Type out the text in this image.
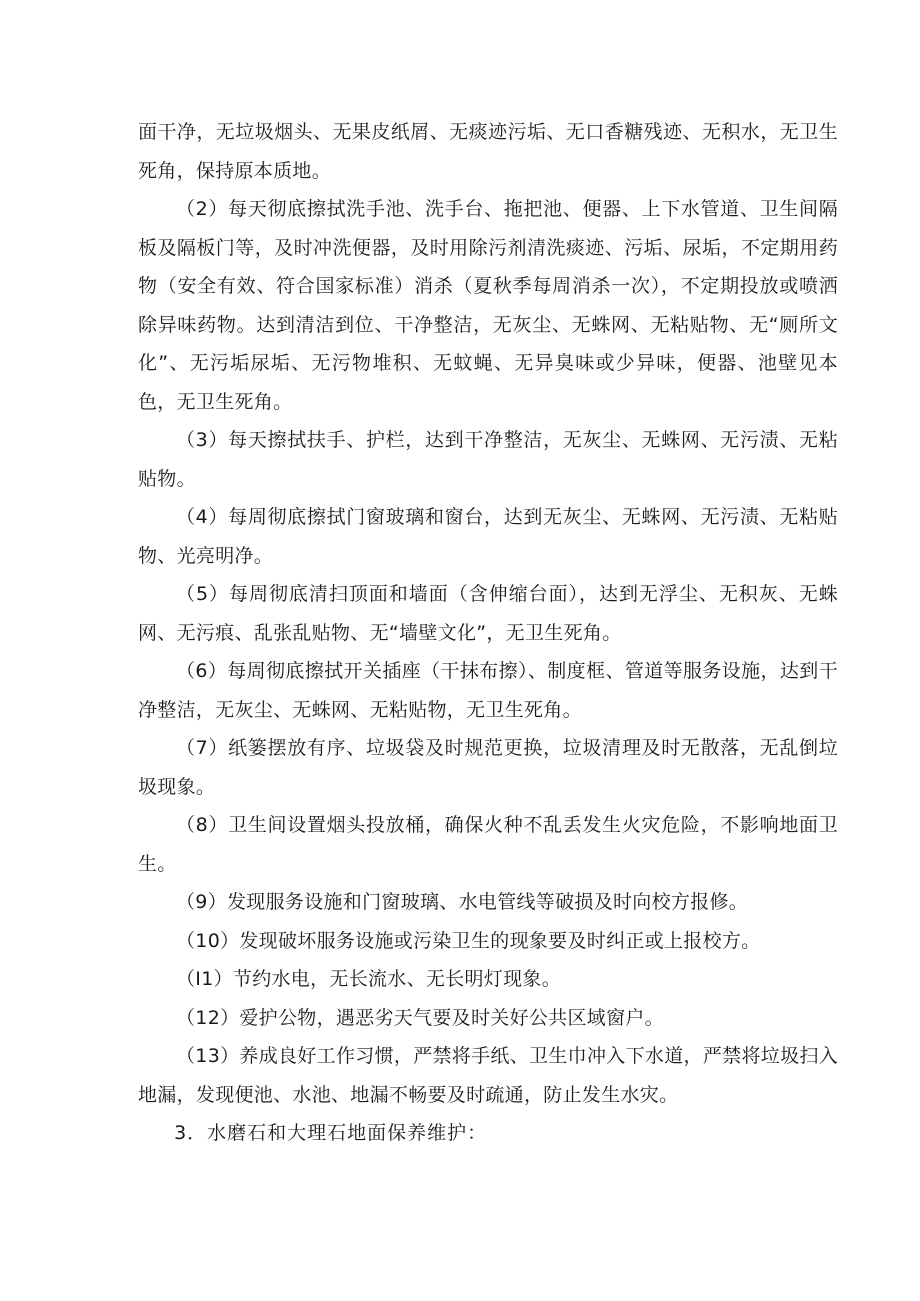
面干净，无垃圾烟头、无果皮纸屑、无痰迹污垢、无口香糖残迹、无积水，无卫生死角，保持原本质地。

（2）每天彻底擦拭洗手池、洗手台、拖把池、便器、上下水管道、卫生间隔板及隔板门等，及时冲洗便器，及时用除污剂清洗痰迹、污垢、尿垢，不定期用药物（安全有效、符合国家标准）消杀（夏秋季每周消杀一次），不定期投放或喷洒除异味药物。达到清洁到位、干净整洁，无灰尘、无蛛网、无粘贴物、无“厕所文化”、无污垢尿垢、无污物堆积、无蚊蝇、无异臭味或少异味，便器、池壁见本色，无卫生死角。

（3）每天擦拭扶手、护栏，达到干净整洁，无灰尘、无蛛网、无污渍、无粘贴物。

（4）每周彻底擦拭门窗玻璃和窗台，达到无灰尘、无蛛网、无污渍、无粘贴物、光亮明净。

（5）每周彻底清扫顶面和墙面（含伸缩台面），达到无浮尘、无积灰、无蛛网、无污痕、乱张乱贴物、无“墙壁文化”，无卫生死角。

（6）每周彻底擦拭开关插座（干抹布擦）、制度框、管道等服务设施，达到干净整洁，无灰尘、无蛛网、无粘贴物，无卫生死角。

（7）纸篓摆放有序、垃圾袋及时规范更换，垃圾清理及时无散落，无乱倒垃圾现象。

（8）卫生间设置烟头投放桶，确保火种不乱丢发生火灾危险，不影响地面卫生。

（9）发现服务设施和门窗玻璃、水电管线等破损及时向校方报修。

（10）发现破坏服务设施或污染卫生的现象要及时纠正或上报校方。

（I1）节约水电，无长流水、无长明灯现象。

（12）爱护公物，遇恶劣天气要及时关好公共区域窗户。

（13）养成良好工作习惯，严禁将手纸、卫生巾冲入下水道，严禁将垃圾扫入地漏，发现便池、水池、地漏不畅要及时疏通，防止发生水灾。

3．水磨石和大理石地面保养维护：
